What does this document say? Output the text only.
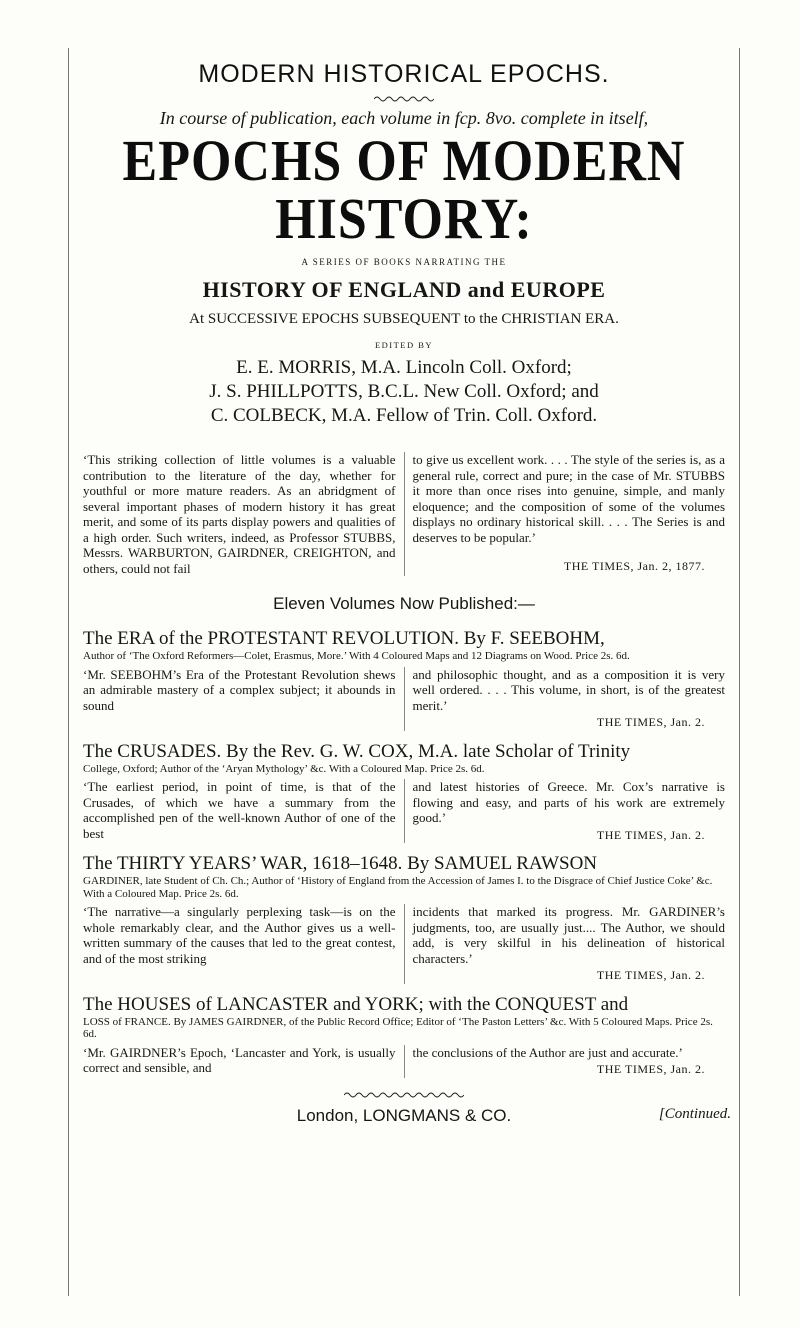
MODERN HISTORICAL EPOCHS.
In course of publication, each volume in fcp. 8vo. complete in itself,
EPOCHS OF MODERN HISTORY:
A SERIES OF BOOKS NARRATING THE
HISTORY OF ENGLAND and EUROPE
At SUCCESSIVE EPOCHS SUBSEQUENT to the CHRISTIAN ERA.
EDITED BY
E. E. MORRIS, M.A. Lincoln Coll. Oxford;
J. S. PHILLPOTTS, B.C.L. New Coll. Oxford; and
C. COLBECK, M.A. Fellow of Trin. Coll. Oxford.
‘This striking collection of little volumes is a valuable contribution to the literature of the day, whether for youthful or more mature readers. As an abridgment of several important phases of modern history it has great merit, and some of its parts display powers and qualities of a high order. Such writers, indeed, as Professor STUBBS, Messrs. WARBURTON, GAIRDNER, CREIGHTON, and others, could not fail
to give us excellent work. . . . The style of the series is, as a general rule, correct and pure; in the case of Mr. STUBBS it more than once rises into genuine, simple, and manly eloquence; and the composition of some of the volumes displays no ordinary historical skill. . . . The Series is and deserves to be popular.’
THE TIMES, Jan. 2, 1877.
Eleven Volumes Now Published:—
The ERA of the PROTESTANT REVOLUTION. By F. SEEBOHM,
Author of ‘The Oxford Reformers—Colet, Erasmus, More.’ With 4 Coloured Maps and 12 Diagrams on Wood. Price 2s. 6d.
‘Mr. SEEBOHM’s Era of the Protestant Revolution shews an admirable mastery of a complex subject; it abounds in sound
and philosophic thought, and as a composition it is very well ordered. . . . This volume, in short, is of the greatest merit.’
THE TIMES, Jan. 2.
The CRUSADES. By the Rev. G. W. COX, M.A. late Scholar of Trinity
College, Oxford; Author of the ‘Aryan Mythology’ &c. With a Coloured Map. Price 2s. 6d.
‘The earliest period, in point of time, is that of the Crusades, of which we have a summary from the accomplished pen of the well-known Author of one of the best
and latest histories of Greece. Mr. Cox’s narrative is flowing and easy, and parts of his work are extremely good.’
THE TIMES, Jan. 2.
The THIRTY YEARS’ WAR, 1618–1648. By SAMUEL RAWSON
GARDINER, late Student of Ch. Ch.; Author of ‘History of England from the Accession of James I. to the Disgrace of Chief Justice Coke’ &c. With a Coloured Map. Price 2s. 6d.
‘The narrative—a singularly perplexing task—is on the whole remarkably clear, and the Author gives us a well-written summary of the causes that led to the great contest, and of the most striking
incidents that marked its progress. Mr. GARDINER’s judgments, too, are usually just.... The Author, we should add, is very skilful in his delineation of historical characters.’
THE TIMES, Jan. 2.
The HOUSES of LANCASTER and YORK; with the CONQUEST and
LOSS of FRANCE. By JAMES GAIRDNER, of the Public Record Office; Editor of ‘The Paston Letters’ &c. With 5 Coloured Maps. Price 2s. 6d.
‘Mr. GAIRDNER’s Epoch, ‘Lancaster and York, is usually correct and sensible, and
the conclusions of the Author are just and accurate.’
THE TIMES, Jan. 2.
London, LONGMANS & CO.	[Continued.
